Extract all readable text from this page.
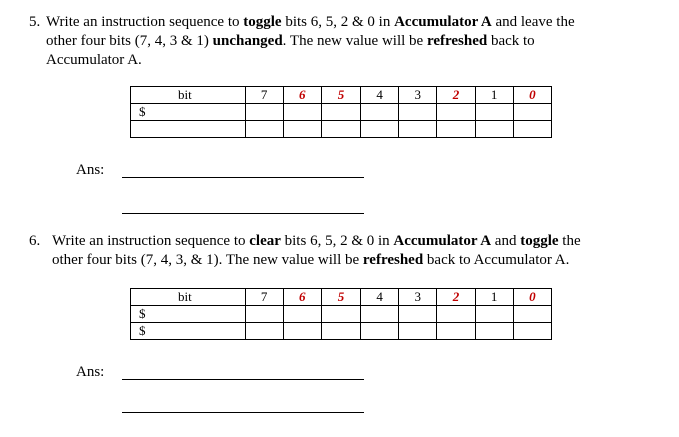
5. Write an instruction sequence to toggle bits 6, 5, 2 & 0 in Accumulator A and leave the
other four bits (7, 4, 3 & 1) unchanged. The new value will be refreshed back to
Accumulator A.
bit	7	6	5	4	3	2	1	0
$								

Ans:
6. Write an instruction sequence to clear bits 6, 5, 2 & 0 in Accumulator A and toggle the
other four bits (7, 4, 3, & 1). The new value will be refreshed back to Accumulator A.
bit	7	6	5	4	3	2	1	0
$								
$								
Ans:
